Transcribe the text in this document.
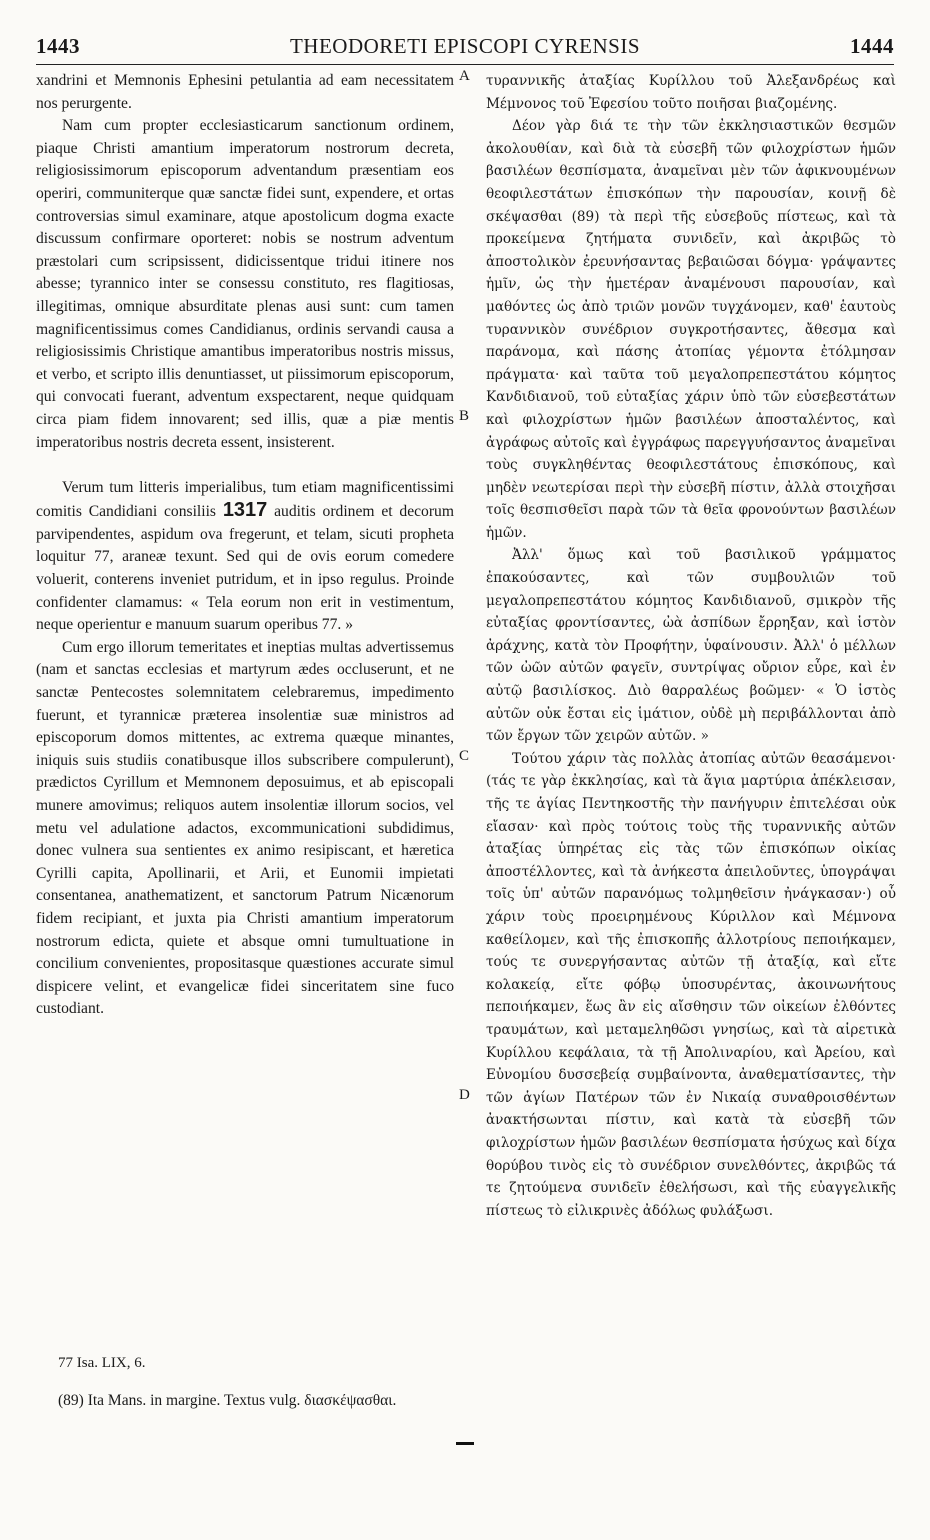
1443	THEODORETI EPISCOPI CYRENSIS	1444

xandrini et Memnonis Ephesini petulantia ad eam necessitatem nos perurgente.

Nam cum propter ecclesiasticarum sanctionum ordinem, piaque Christi amantium imperatorum nostrorum decreta, religiosissimorum episcoporum adventandum præsentiam eos operiri, communiterque quæ sanctæ fidei sunt, expendere, et ortas controversias simul examinare, atque apostolicum dogma exacte discussum confirmare oporteret: nobis se nostrum adventum præstolari cum scripsissent, didicissentque tridui itinere nos abesse; tyrannico inter se consessu constituto, res flagitiosas, illegitimas, omnique absurditate plenas ausi sunt: cum tamen magnificentissimus comes Candidianus, ordinis servandi causa a religiosissimis Christique amantibus imperatoribus nostris missus, et verbo, et scripto illis denuntiasset, ut piissimorum episcoporum, qui convocati fuerant, adventum exspectarent, neque quidquam circa piam fidem innovarent; sed illis, quæ a piæ mentis imperatoribus nostris decreta essent, insisterent.

Verum tum litteris imperialibus, tum etiam magnificentissimi comitis Candidiani consiliis 1317 auditis ordinem et decorum parvipendentes, aspidum ova fregerunt, et telam, sicuti propheta loquitur 77, araneæ texunt. Sed qui de ovis eorum comedere voluerit, conterens inveniet putridum, et in ipso regulus. Proinde confidenter clamamus: « Tela eorum non erit in vestimentum, neque operientur e manuum suarum operibus 77. »

Cum ergo illorum temeritates et ineptias multas advertissemus (nam et sanctas ecclesias et martyrum ædes occluserunt, et ne sanctæ Pentecostes solemnitatem celebraremus, impedimento fuerunt, et tyrannicæ præterea insolentiæ suæ ministros ad episcoporum domos mittentes, ac extrema quæque minantes, iniquis suis studiis conatibusque illos subscribere compulerunt), prædictos Cyrillum et Memnonem deposuimus, et ab episcopali munere amovimus; reliquos autem insolentiæ illorum socios, vel metu vel adulatione adactos, excommunicationi subdidimus, donec vulnera sua sentientes ex animo resipiscant, et hæretica Cyrilli capita, Apollinarii, et Arii, et Eunomii impietati consentanea, anathematizent, et sanctorum Patrum Nicænorum fidem recipiant, et juxta pia Christi amantium imperatorum nostrorum edicta, quiete et absque omni tumultuatione in concilium convenientes, propositasque quæstiones accurate simul dispicere velint, et evangelicæ fidei sinceritatem sine fuco custodiant.

τυραννικῆς ἀταξίας Κυρίλλου τοῦ Ἀλεξανδρέως καὶ Μέμνονος τοῦ Ἐφεσίου τοῦτο ποιῆσαι βιαζομένης.

Δέον γὰρ διά τε τὴν τῶν ἐκκλησιαστικῶν θεσμῶν ἀκολουθίαν, καὶ διὰ τὰ εὐσεβῆ τῶν φιλοχρίστων ἡμῶν βασιλέων θεσπίσματα, ἀναμεῖναι μὲν τῶν ἀφικνουμένων θεοφιλεστάτων ἐπισκόπων τὴν παρουσίαν, κοινῇ δὲ σκέψασθαι (89) τὰ περὶ τῆς εὐσεβοῦς πίστεως, καὶ τὰ προκείμενα ζητήματα συνιδεῖν, καὶ ἀκριβῶς τὸ ἀποστολικὸν ἐρευνήσαντας βεβαιῶσαι δόγμα· γράψαντες ἡμῖν, ὡς τὴν ἡμετέραν ἀναμένουσι παρουσίαν, καὶ μαθόντες ὡς ἀπὸ τριῶν μονῶν τυγχάνομεν, καθ' ἑαυτοὺς τυραννικὸν συνέδριον συγκροτήσαντες, ἄθεσμα καὶ παράνομα, καὶ πάσης ἀτοπίας γέμοντα ἐτόλμησαν πράγματα· καὶ ταῦτα τοῦ μεγαλοπρεπεστάτου κόμητος Κανδιδιανοῦ, τοῦ εὐταξίας χάριν ὑπὸ τῶν εὐσεβεστάτων καὶ φιλοχρίστων ἡμῶν βασιλέων ἀποσταλέντος, καὶ ἀγράφως αὐτοῖς καὶ ἐγγράφως παρεγγυήσαντος ἀναμεῖναι τοὺς συγκληθέντας θεοφιλεστάτους ἐπισκόπους, καὶ μηδὲν νεωτερίσαι περὶ τὴν εὐσεβῆ πίστιν, ἀλλὰ στοιχῆσαι τοῖς θεσπισθεῖσι παρὰ τῶν τὰ θεῖα φρονούντων βασιλέων ἡμῶν.

Ἀλλ' ὅμως καὶ τοῦ βασιλικοῦ γράμματος ἐπακούσαντες, καὶ τῶν συμβουλιῶν τοῦ μεγαλοπρεπεστάτου κόμητος Κανδιδιανοῦ, σμικρὸν τῆς εὐταξίας φροντίσαντες, ὠὰ ἀσπίδων ἔρρηξαν, καὶ ἱστὸν ἀράχνης, κατὰ τὸν Προφήτην, ὑφαίνουσιν. Ἀλλ' ὁ μέλλων τῶν ὠῶν αὐτῶν φαγεῖν, συντρίψας οὔριον εὗρε, καὶ ἐν αὐτῷ βασιλίσκος. Διὸ θαρραλέως βοῶμεν· « Ὁ ἱστὸς αὐτῶν οὐκ ἔσται εἰς ἱμάτιον, οὐδὲ μὴ περιβάλλονται ἀπὸ τῶν ἔργων τῶν χειρῶν αὐτῶν. »

Τούτου χάριν τὰς πολλὰς ἀτοπίας αὐτῶν θεασάμενοι· (τάς τε γὰρ ἐκκλησίας, καὶ τὰ ἅγια μαρτύρια ἀπέκλεισαν, τῆς τε ἁγίας Πεντηκοστῆς τὴν πανήγυριν ἐπιτελέσαι οὐκ εἴασαν· καὶ πρὸς τούτοις τοὺς τῆς τυραννικῆς αὐτῶν ἀταξίας ὑπηρέτας εἰς τὰς τῶν ἐπισκόπων οἰκίας ἀποστέλλοντες, καὶ τὰ ἀνήκεστα ἀπειλοῦντες, ὑπογράψαι τοῖς ὑπ' αὐτῶν παρανόμως τολμηθεῖσιν ἠνάγκασαν·) οὗ χάριν τοὺς προειρημένους Κύριλλον καὶ Μέμνονα καθείλομεν, καὶ τῆς ἐπισκοπῆς ἀλλοτρίους πεποιήκαμεν, τούς τε συνεργήσαντας αὐτῶν τῇ ἀταξίᾳ, καὶ εἴτε κολακείᾳ, εἴτε φόβῳ ὑποσυρέντας, ἀκοινωνήτους πεποιήκαμεν, ἕως ἂν εἰς αἴσθησιν τῶν οἰκείων ἐλθόντες τραυμάτων, καὶ μεταμεληθῶσι γνησίως, καὶ τὰ αἱρετικὰ Κυρίλλου κεφάλαια, τὰ τῇ Ἀπολιναρίου, καὶ Ἀρείου, καὶ Εὐνομίου δυσσεβείᾳ συμβαίνοντα, ἀναθεματίσαντες, τὴν τῶν ἁγίων Πατέρων τῶν ἐν Νικαίᾳ συναθροισθέντων ἀνακτήσωνται πίστιν, καὶ κατὰ τὰ εὐσεβῆ τῶν φιλοχρίστων ἡμῶν βασιλέων θεσπίσματα ἡσύχως καὶ δίχα θορύβου τινὸς εἰς τὸ συνέδριον συνελθόντες, ἀκριβῶς τά τε ζητούμενα συνιδεῖν ἐθελήσωσι, καὶ τῆς εὐαγγελικῆς πίστεως τὸ εἰλικρινὲς ἀδόλως φυλάξωσι.

A
B
C
D
77 Isa. LIX, 6.
(89) Ita Mans. in margine. Textus vulg. διασκέψασθαι.
